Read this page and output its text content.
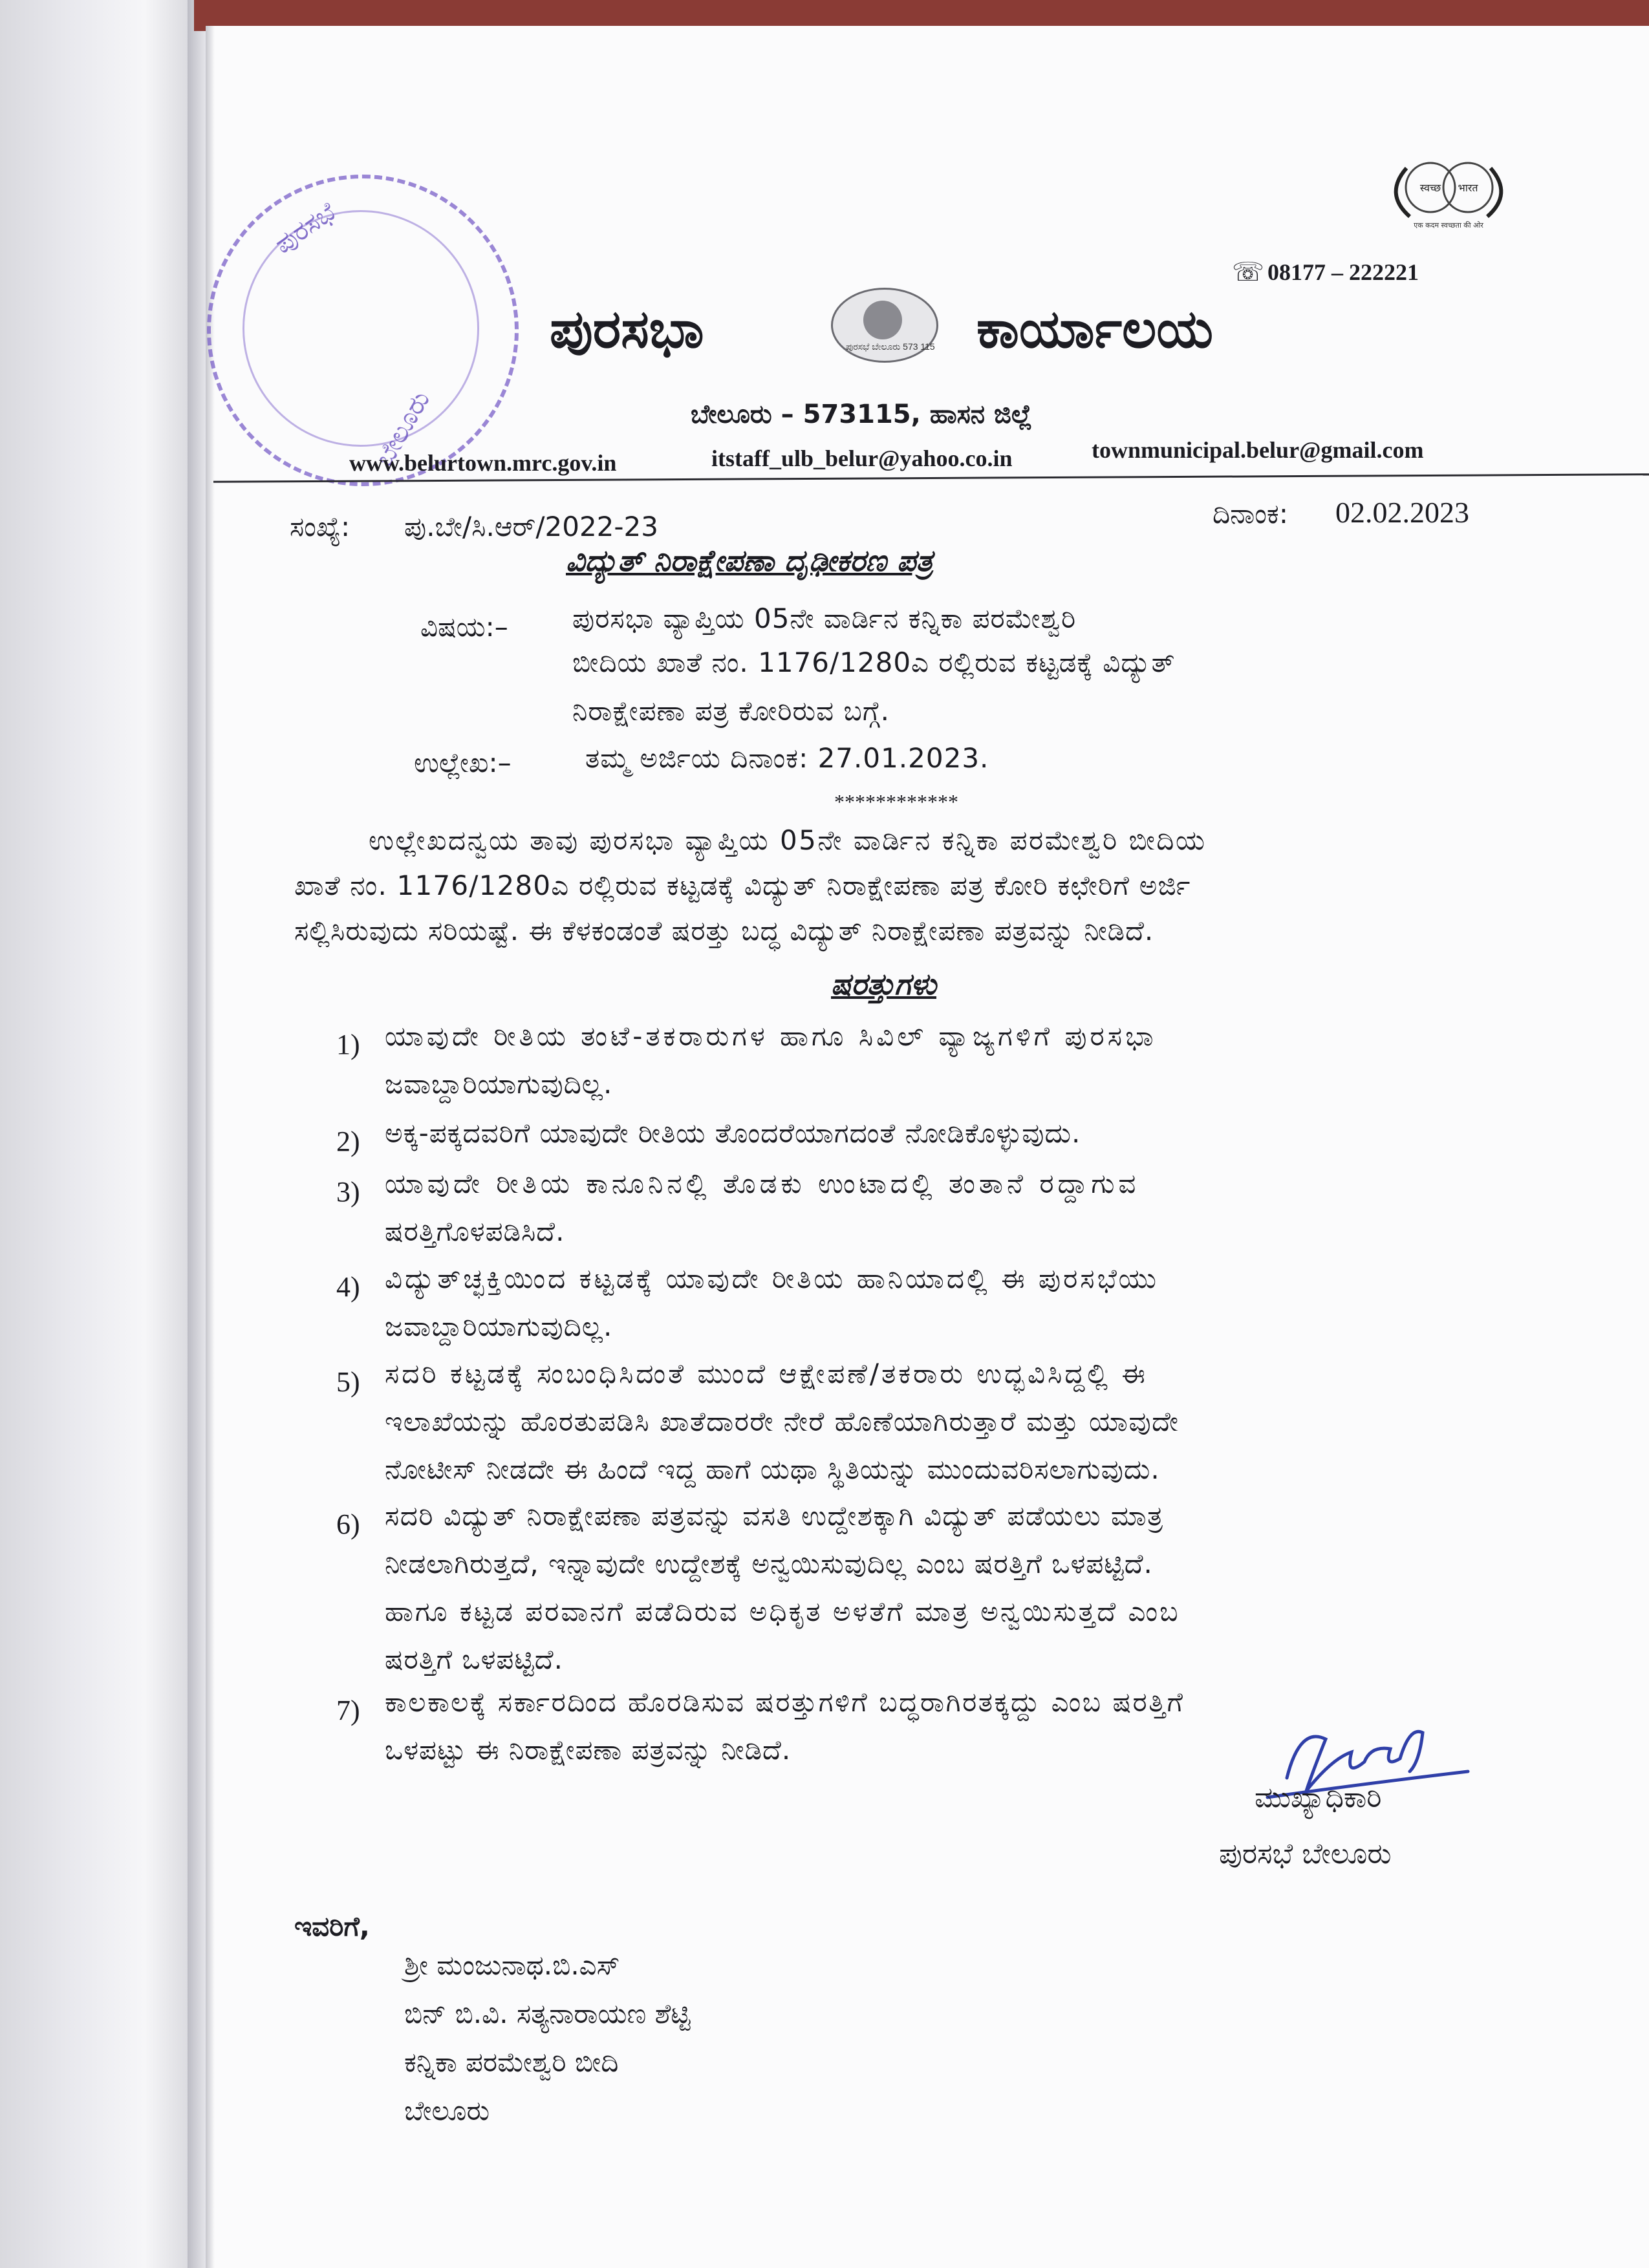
ಪುರಸಭೆ
ಬೇಲೂರು
स्वच्छ भारत
एक कदम स्वच्छता की ओर
☏ 08177 – 222221
ಪುರಸಭಾ	ಪುರಸಭೆ ಬೇಲೂರು 573 115 ಕಾರ್ಯಾಲಯ
ಬೇಲೂರು – 573115, ಹಾಸನ ಜಿಲ್ಲೆ
www.belurtown.mrc.gov.in	itstaff_ulb_belur@yahoo.co.in	townmunicipal.belur@gmail.com
ಸಂಖ್ಯೆ: ಪು.ಬೇ/ಸಿ.ಆರ್/2022-23	ದಿನಾಂಕ: 02.02.2023
ವಿದ್ಯುತ್ ನಿರಾಕ್ಷೇಪಣಾ ದೃಢೀಕರಣ ಪತ್ರ
ವಿಷಯ:– ಪುರಸಭಾ ವ್ಯಾಪ್ತಿಯ 05ನೇ ವಾರ್ಡಿನ ಕನ್ನಿಕಾ ಪರಮೇಶ್ವರಿ
ಬೀದಿಯ ಖಾತೆ ನಂ. 1176/1280ಎ ರಲ್ಲಿರುವ ಕಟ್ಟಡಕ್ಕೆ ವಿದ್ಯುತ್
ನಿರಾಕ್ಷೇಪಣಾ ಪತ್ರ ಕೋರಿರುವ ಬಗ್ಗೆ.
ಉಲ್ಲೇಖ:–	ತಮ್ಮ ಅರ್ಜಿಯ ದಿನಾಂಕ: 27.01.2023.
************
ಉಲ್ಲೇಖದನ್ವಯ ತಾವು ಪುರಸಭಾ ವ್ಯಾಪ್ತಿಯ 05ನೇ ವಾರ್ಡಿನ ಕನ್ನಿಕಾ ಪರಮೇಶ್ವರಿ ಬೀದಿಯ
ಖಾತೆ ನಂ. 1176/1280ಎ ರಲ್ಲಿರುವ ಕಟ್ಟಡಕ್ಕೆ ವಿದ್ಯುತ್ ನಿರಾಕ್ಷೇಪಣಾ ಪತ್ರ ಕೋರಿ ಕಛೇರಿಗೆ ಅರ್ಜಿ
ಸಲ್ಲಿಸಿರುವುದು ಸರಿಯಷ್ಟೆ. ಈ ಕೆಳಕಂಡಂತೆ ಷರತ್ತು ಬದ್ಧ ವಿದ್ಯುತ್ ನಿರಾಕ್ಷೇಪಣಾ ಪತ್ರವನ್ನು ನೀಡಿದೆ.
ಷರತ್ತುಗಳು
1) ಯಾವುದೇ ರೀತಿಯ ತಂಟೆ-ತಕರಾರುಗಳ ಹಾಗೂ ಸಿವಿಲ್ ವ್ಯಾಜ್ಯಗಳಿಗೆ ಪುರಸಭಾ
ಜವಾಬ್ದಾರಿಯಾಗುವುದಿಲ್ಲ.
2) ಅಕ್ಕ-ಪಕ್ಕದವರಿಗೆ ಯಾವುದೇ ರೀತಿಯ ತೊಂದರೆಯಾಗದಂತೆ ನೋಡಿಕೊಳ್ಳುವುದು.
3) ಯಾವುದೇ ರೀತಿಯ ಕಾನೂನಿನಲ್ಲಿ ತೊಡಕು ಉಂಟಾದಲ್ಲಿ ತಂತಾನೆ ರದ್ದಾಗುವ
ಷರತ್ತಿಗೊಳಪಡಿಸಿದೆ.
4) ವಿದ್ಯುತ್‌ಚ್ಛಕ್ತಿಯಿಂದ ಕಟ್ಟಡಕ್ಕೆ ಯಾವುದೇ ರೀತಿಯ ಹಾನಿಯಾದಲ್ಲಿ ಈ ಪುರಸಭೆಯು
ಜವಾಬ್ದಾರಿಯಾಗುವುದಿಲ್ಲ.
5) ಸದರಿ ಕಟ್ಟಡಕ್ಕೆ ಸಂಬಂಧಿಸಿದಂತೆ ಮುಂದೆ ಆಕ್ಷೇಪಣೆ/ತಕರಾರು ಉದ್ಭವಿಸಿದ್ದಲ್ಲಿ ಈ
ಇಲಾಖೆಯನ್ನು ಹೊರತುಪಡಿಸಿ ಖಾತೆದಾರರೇ ನೇರೆ ಹೊಣೆಯಾಗಿರುತ್ತಾರೆ ಮತ್ತು ಯಾವುದೇ
ನೋಟೀಸ್ ನೀಡದೇ ಈ ಹಿಂದೆ ಇದ್ದ ಹಾಗೆ ಯಥಾ ಸ್ಥಿತಿಯನ್ನು ಮುಂದುವರಿಸಲಾಗುವುದು.
6) ಸದರಿ ವಿದ್ಯುತ್ ನಿರಾಕ್ಷೇಪಣಾ ಪತ್ರವನ್ನು ವಸತಿ ಉದ್ದೇಶಕ್ಕಾಗಿ ವಿದ್ಯುತ್ ಪಡೆಯಲು ಮಾತ್ರ
ನೀಡಲಾಗಿರುತ್ತದೆ, ಇನ್ನಾವುದೇ ಉದ್ದೇಶಕ್ಕೆ ಅನ್ವಯಿಸುವುದಿಲ್ಲ ಎಂಬ ಷರತ್ತಿಗೆ ಒಳಪಟ್ಟಿದೆ.
ಹಾಗೂ ಕಟ್ಟಡ ಪರವಾನಗೆ ಪಡೆದಿರುವ ಅಧಿಕೃತ ಅಳತೆಗೆ ಮಾತ್ರ ಅನ್ವಯಿಸುತ್ತದೆ ಎಂಬ
ಷರತ್ತಿಗೆ ಒಳಪಟ್ಟಿದೆ.
7) ಕಾಲಕಾಲಕ್ಕೆ ಸರ್ಕಾರದಿಂದ ಹೊರಡಿಸುವ ಷರತ್ತುಗಳಿಗೆ ಬದ್ಧರಾಗಿರತಕ್ಕದ್ದು ಎಂಬ ಷರತ್ತಿಗೆ
ಒಳಪಟ್ಟು ಈ ನಿರಾಕ್ಷೇಪಣಾ ಪತ್ರವನ್ನು ನೀಡಿದೆ.
ಮುಖ್ಯಾಧಿಕಾರಿ
ಪುರಸಭೆ ಬೇಲೂರು
ಇವರಿಗೆ,
ಶ್ರೀ ಮಂಜುನಾಥ.ಬಿ.ಎಸ್
ಬಿನ್ ಬಿ.ವಿ. ಸತ್ಯನಾರಾಯಣ ಶೆಟ್ಟಿ
ಕನ್ನಿಕಾ ಪರಮೇಶ್ವರಿ ಬೀದಿ
ಬೇಲೂರು
